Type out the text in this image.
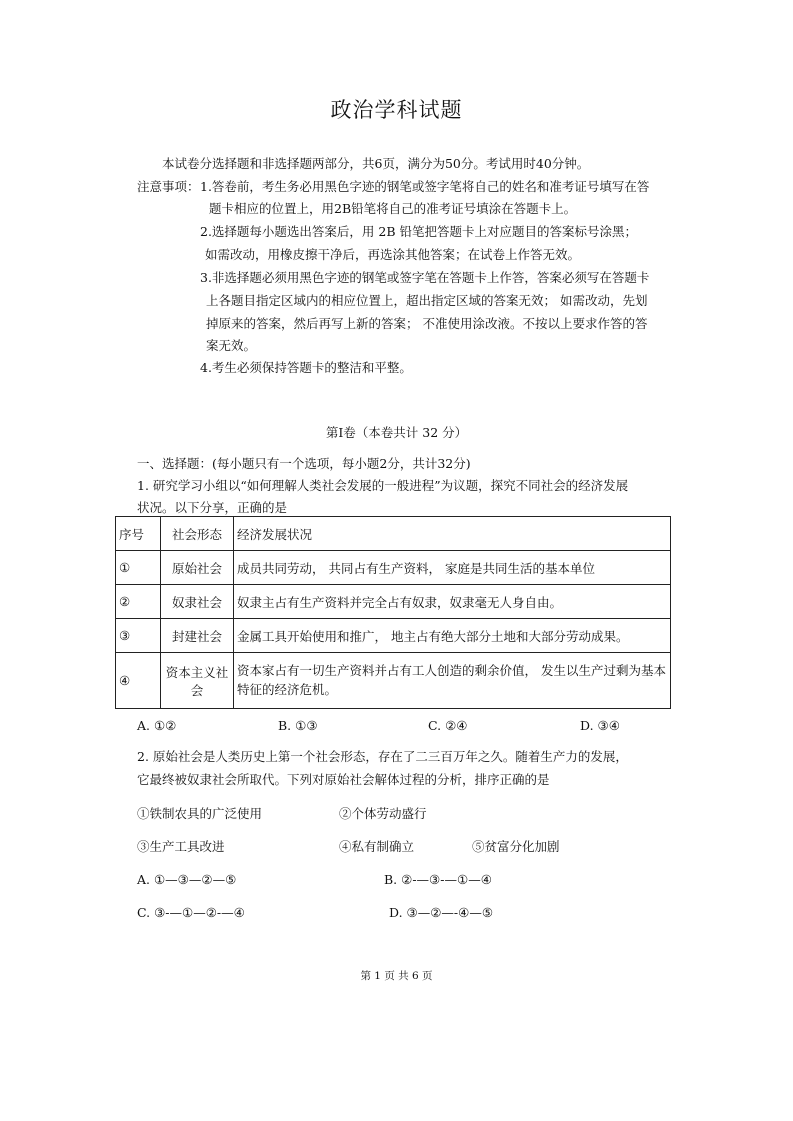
政治学科试题
本试卷分选择题和非选择题两部分，共6页，满分为50分。考试用时40分钟。
注意事项： 1.答卷前，考生务必用黑色字迹的钢笔或签字笔将自己的姓名和准考证号填写在答
题卡相应的位置上，用2B铅笔将自己的准考证号填涂在答题卡上。
2.选择题每小题选出答案后，用 2B 铅笔把答题卡上对应题目的答案标号涂黑；
如需改动，用橡皮擦干净后，再选涂其他答案；在试卷上作答无效。
3.非选择题必须用黑色字迹的钢笔或签字笔在答题卡上作答，答案必须写在答题卡
上各题目指定区域内的相应位置上，超出指定区域的答案无效； 如需改动，先划
掉原来的答案，然后再写上新的答案； 不准使用涂改液。不按以上要求作答的答
案无效。
4.考生必须保持答题卡的整洁和平整。
第Ⅰ卷（本卷共计 32 分）
一、选择题：(每小题只有一个选项，每小题2分，共计32分)
1. 研究学习小组以“如何理解人类社会发展的一般进程”为议题，探究不同社会的经济发展
状况。以下分享，正确的是
序号	社会形态	经济发展状况
①	原始社会	成员共同劳动， 共同占有生产资料， 家庭是共同生活的基本单位
②	奴隶社会	奴隶主占有生产资料并完全占有奴隶，奴隶毫无人身自由。
③	封建社会	金属工具开始使用和推广， 地主占有绝大部分土地和大部分劳动成果。
④	资本主义社会	资本家占有一切生产资料并占有工人创造的剩余价值， 发生以生产过剩为基本特征的经济危机。
A. ①②	B. ①③	C. ②④	D. ③④
2. 原始社会是人类历史上第一个社会形态，存在了二三百万年之久。随着生产力的发展，
它最终被奴隶社会所取代。下列对原始社会解体过程的分析，排序正确的是
①铁制农具的广泛使用	②个体劳动盛行
③生产工具改进	④私有制确立	⑤贫富分化加剧
A. ①—③—②—⑤	B. ②-—③-—①—④
C. ③-—①—②-—④	D. ③—②—-④—⑤
第 1 页 共 6 页
